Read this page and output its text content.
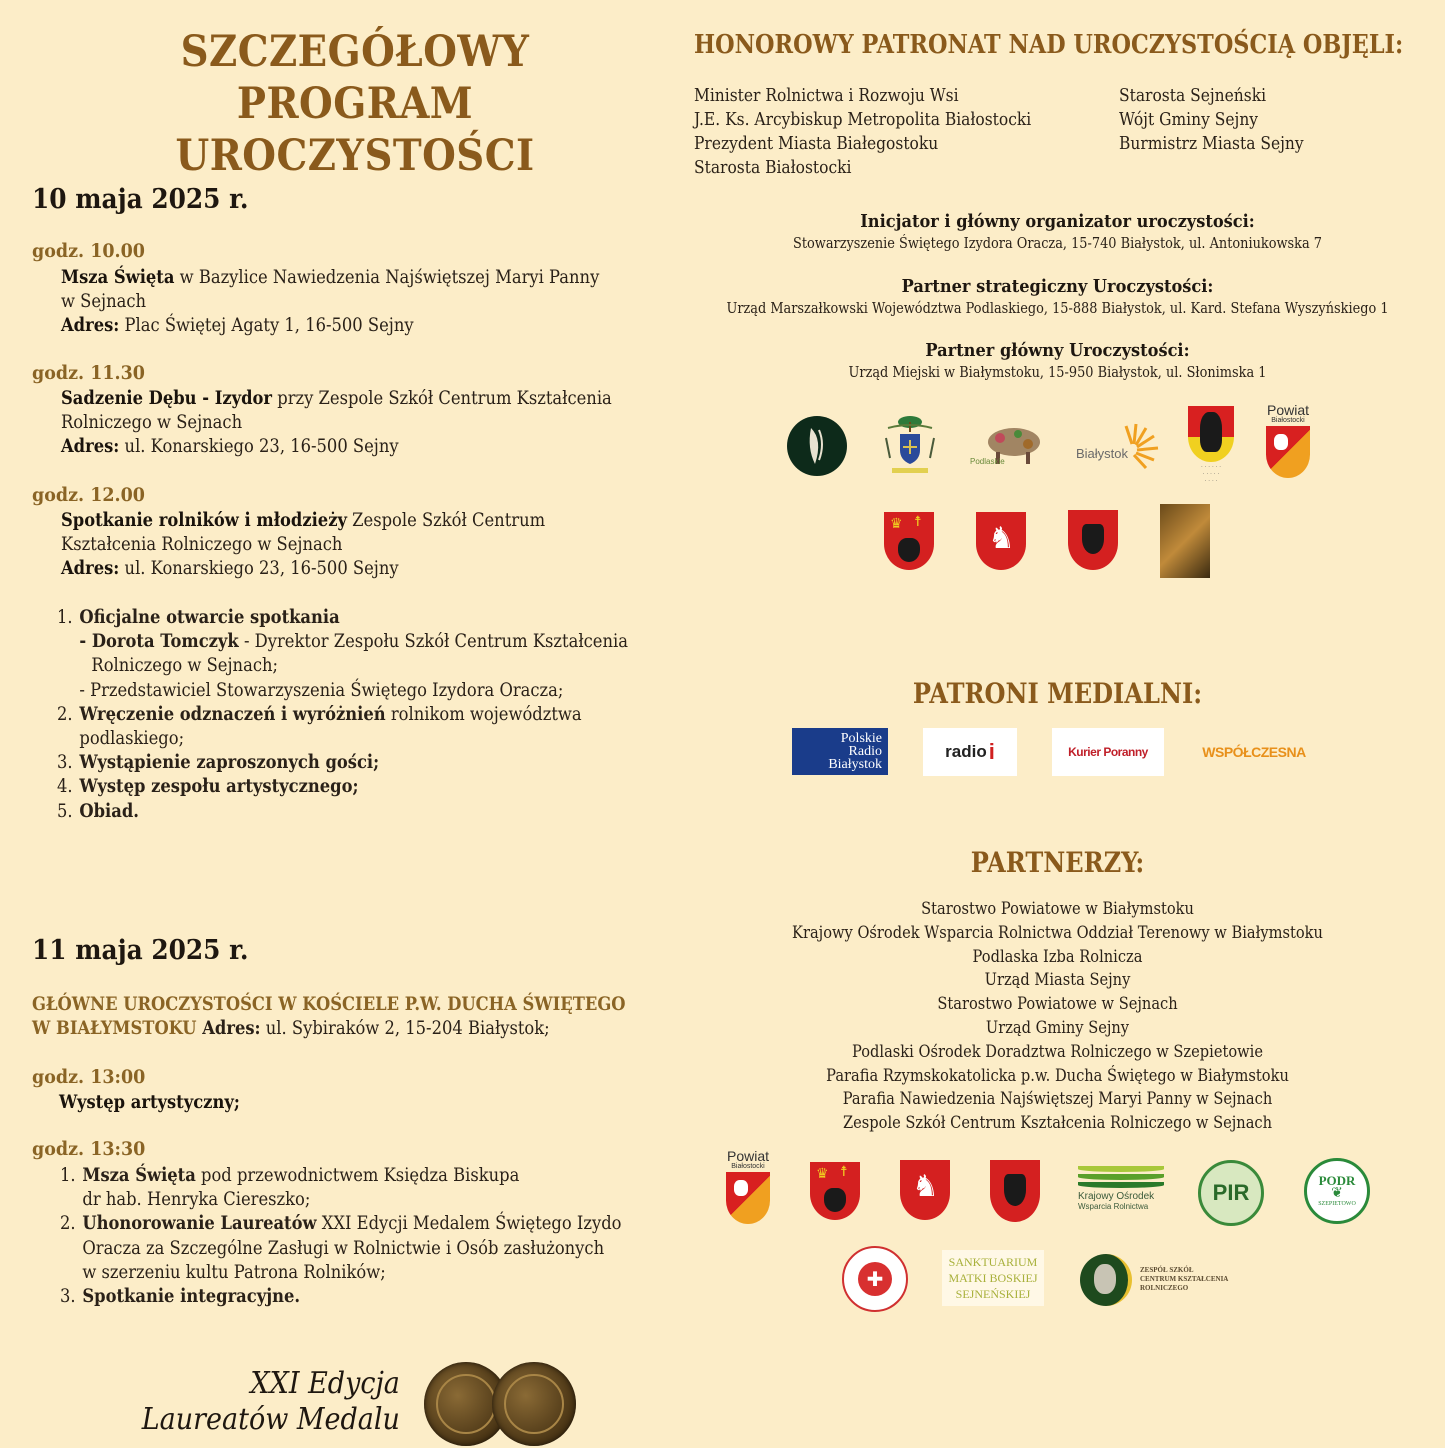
SZCZEGÓŁOWY PROGRAM
UROCZYSTOŚCI
10 maja 2025 r.
godz. 10.00
Msza Święta w Bazylice Nawiedzenia Najświętszej Maryi Panny
w Sejnach
Adres: Plac Świętej Agaty 1, 16-500 Sejny
godz. 11.30
Sadzenie Dębu - Izydor przy Zespole Szkół Centrum Kształcenia
Rolniczego w Sejnach
Adres: ul. Konarskiego 23, 16-500 Sejny
godz. 12.00
Spotkanie rolników i młodzieży Zespole Szkół Centrum
Kształcenia Rolniczego w Sejnach
Adres: ul. Konarskiego 23, 16-500 Sejny
1. Oficjalne otwarcie spotkania
- Dorota Tomczyk - Dyrektor Zespołu Szkół Centrum Kształcenia
Rolniczego w Sejnach;
- Przedstawiciel Stowarzyszenia Świętego Izydora Oracza;
2. Wręczenie odznaczeń i wyróżnień rolnikom województwa
podlaskiego;
3. Wystąpienie zaproszonych gości;
4. Występ zespołu artystycznego;
5. Obiad.
11 maja 2025 r.
GŁÓWNE UROCZYSTOŚCI W KOŚCIELE P.W. DUCHA ŚWIĘTEGO
W BIAŁYMSTOKU Adres: ul. Sybiraków 2, 15-204 Białystok;
godz. 13:00
Występ artystyczny;
godz. 13:30
1. Msza Święta pod przewodnictwem Księdza Biskupa
dr hab. Henryka Ciereszko;
2. Uhonorowanie Laureatów XXI Edycji Medalem Świętego Izydo
Oracza za Szczególne Zasługi w Rolnictwie i Osób zasłużonych
w szerzeniu kultu Patrona Rolników;
3. Spotkanie integracyjne.
XXI Edycja
Laureatów Medalu
HONOROWY PATRONAT NAD UROCZYSTOŚCIĄ OBJĘLI:
Minister Rolnictwa i Rozwoju Wsi
J.E. Ks. Arcybiskup Metropolita Białostocki
Prezydent Miasta Białegostoku
Starosta Białostocki
Starosta Sejneński
Wójt Gminy Sejny
Burmistrz Miasta Sejny
Inicjator i główny organizator uroczystości:
Stowarzyszenie Świętego Izydora Oracza, 15-740 Białystok, ul. Antoniukowska 7
Partner strategiczny Uroczystości:
Urząd Marszałkowski Województwa Podlaskiego, 15-888 Białystok, ul. Kard. Stefana Wyszyńskiego 1
Partner główny Uroczystości:
Urząd Miejski w Białymstoku, 15-950 Białystok, ul. Słonimska 1
Podlaskie
Białystok
· · · · · ·
· · · · ·
· · · ·
Powiat
Białostocki
♛ ☨ ♞
PATRONI MEDIALNI:
Polskie
Radio
Białystok
radio i	Kurier Poranny	WSPÓŁCZESNA
PARTNERZY:
Starostwo Powiatowe w Białymstoku
Krajowy Ośrodek Wsparcia Rolnictwa Oddział Terenowy w Białymstoku
Podlaska Izba Rolnicza
Urząd Miasta Sejny
Starostwo Powiatowe w Sejnach
Urząd Gminy Sejny
Podlaski Ośrodek Doradztwa Rolniczego w Szepietowie
Parafia Rzymskokatolicka p.w. Ducha Świętego w Białymstoku
Parafia Nawiedzenia Najświętszej Maryi Panny w Sejnach
Zespole Szkół Centrum Kształcenia Rolniczego w Sejnach
Powiat
Białostocki
♛ ☨ ♞	Krajowy Ośrodek
Wsparcia Rolnictwa
PIR	PODR
❦
SZEPIETOWO
✚
SANKTUARIUM
MATKI BOSKIEJ
SEJNEŃSKIEJ
ZESPÓŁ SZKÓŁ
CENTRUM KSZTAŁCENIA
ROLNICZEGO
